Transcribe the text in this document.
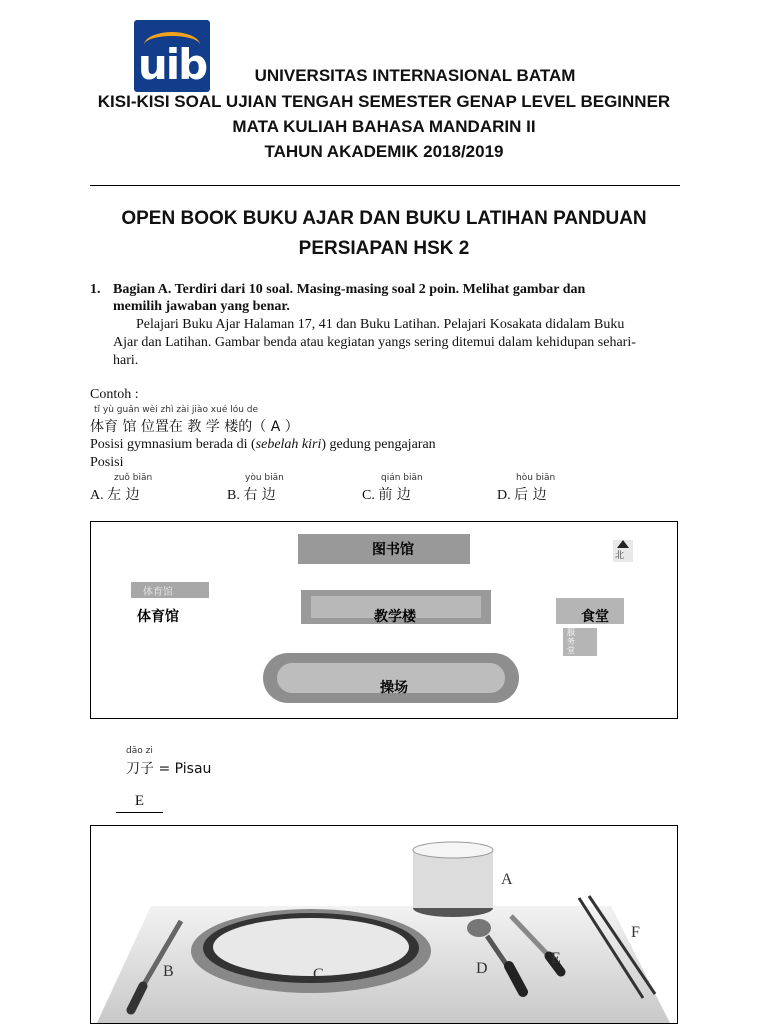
uib	UNIVERSITAS INTERNASIONAL BATAM
KISI-KISI SOAL UJIAN TENGAH SEMESTER GENAP LEVEL BEGINNER
MATA KULIAH BAHASA MANDARIN II
TAHUN AKADEMIK 2018/2019
OPEN BOOK BUKU AJAR DAN BUKU LATIHAN PANDUAN
PERSIAPAN HSK 2
1. Bagian A. Terdiri dari 10 soal. Masing-masing soal 2 poin. Melihat gambar dan
memilih jawaban yang benar.
Pelajari Buku Ajar Halaman 17, 41 dan Buku Latihan. Pelajari Kosakata didalam Buku
Ajar dan Latihan. Gambar benda atau kegiatan yangs sering ditemui dalam kehidupan sehari-
hari.
Contoh :
tǐ yù guǎn wèi zhì zài jiào xué lóu de
体育 馆 位置在 教 学 楼的（ A ）
Posisi gymnasium berada di (sebelah kiri) gedung pengajaran
Posisi
zuǒ biān
A. 左 边
yòu biān
B. 右 边
qián biān
C. 前 边
hòu biān
D. 后 边
图书馆	北
体育馆
体育馆	教学楼	食堂
服务堂
操场
dāo zi
刀子 = Pisau
E
A
B	C	D
E
F
